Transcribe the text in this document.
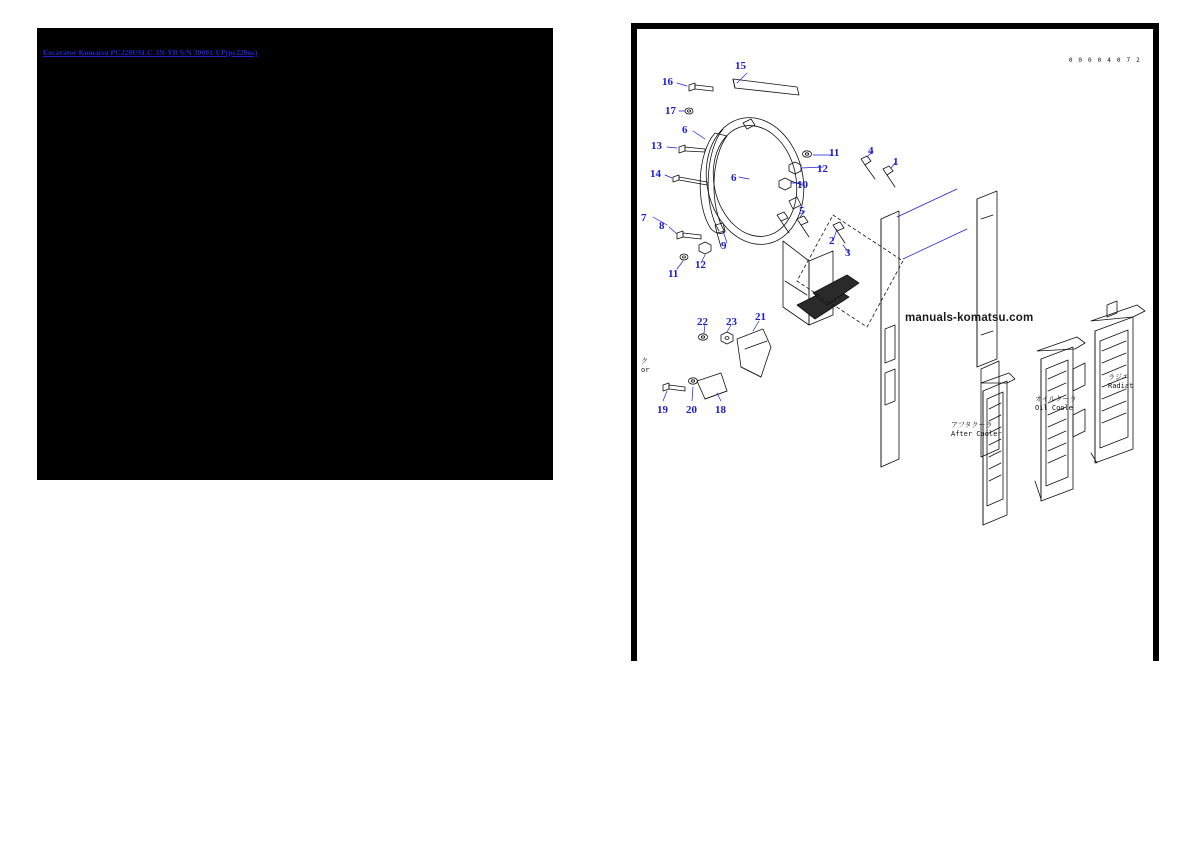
Excavator Komatsu PC228USLC-3N-YB S/N 30001-UP(pc228us)
0 0 0 0 4 0 7 2
15
16
17
13
6
6
14
7
8
11
12
9
11
12
10
4
1
5
2
3
22 23 21
19 20 18
ラジエ
Radiat
オイルクーラ
Oil Coole
アフタクーラ
After Cooler
ク
or
manuals-komatsu.com
